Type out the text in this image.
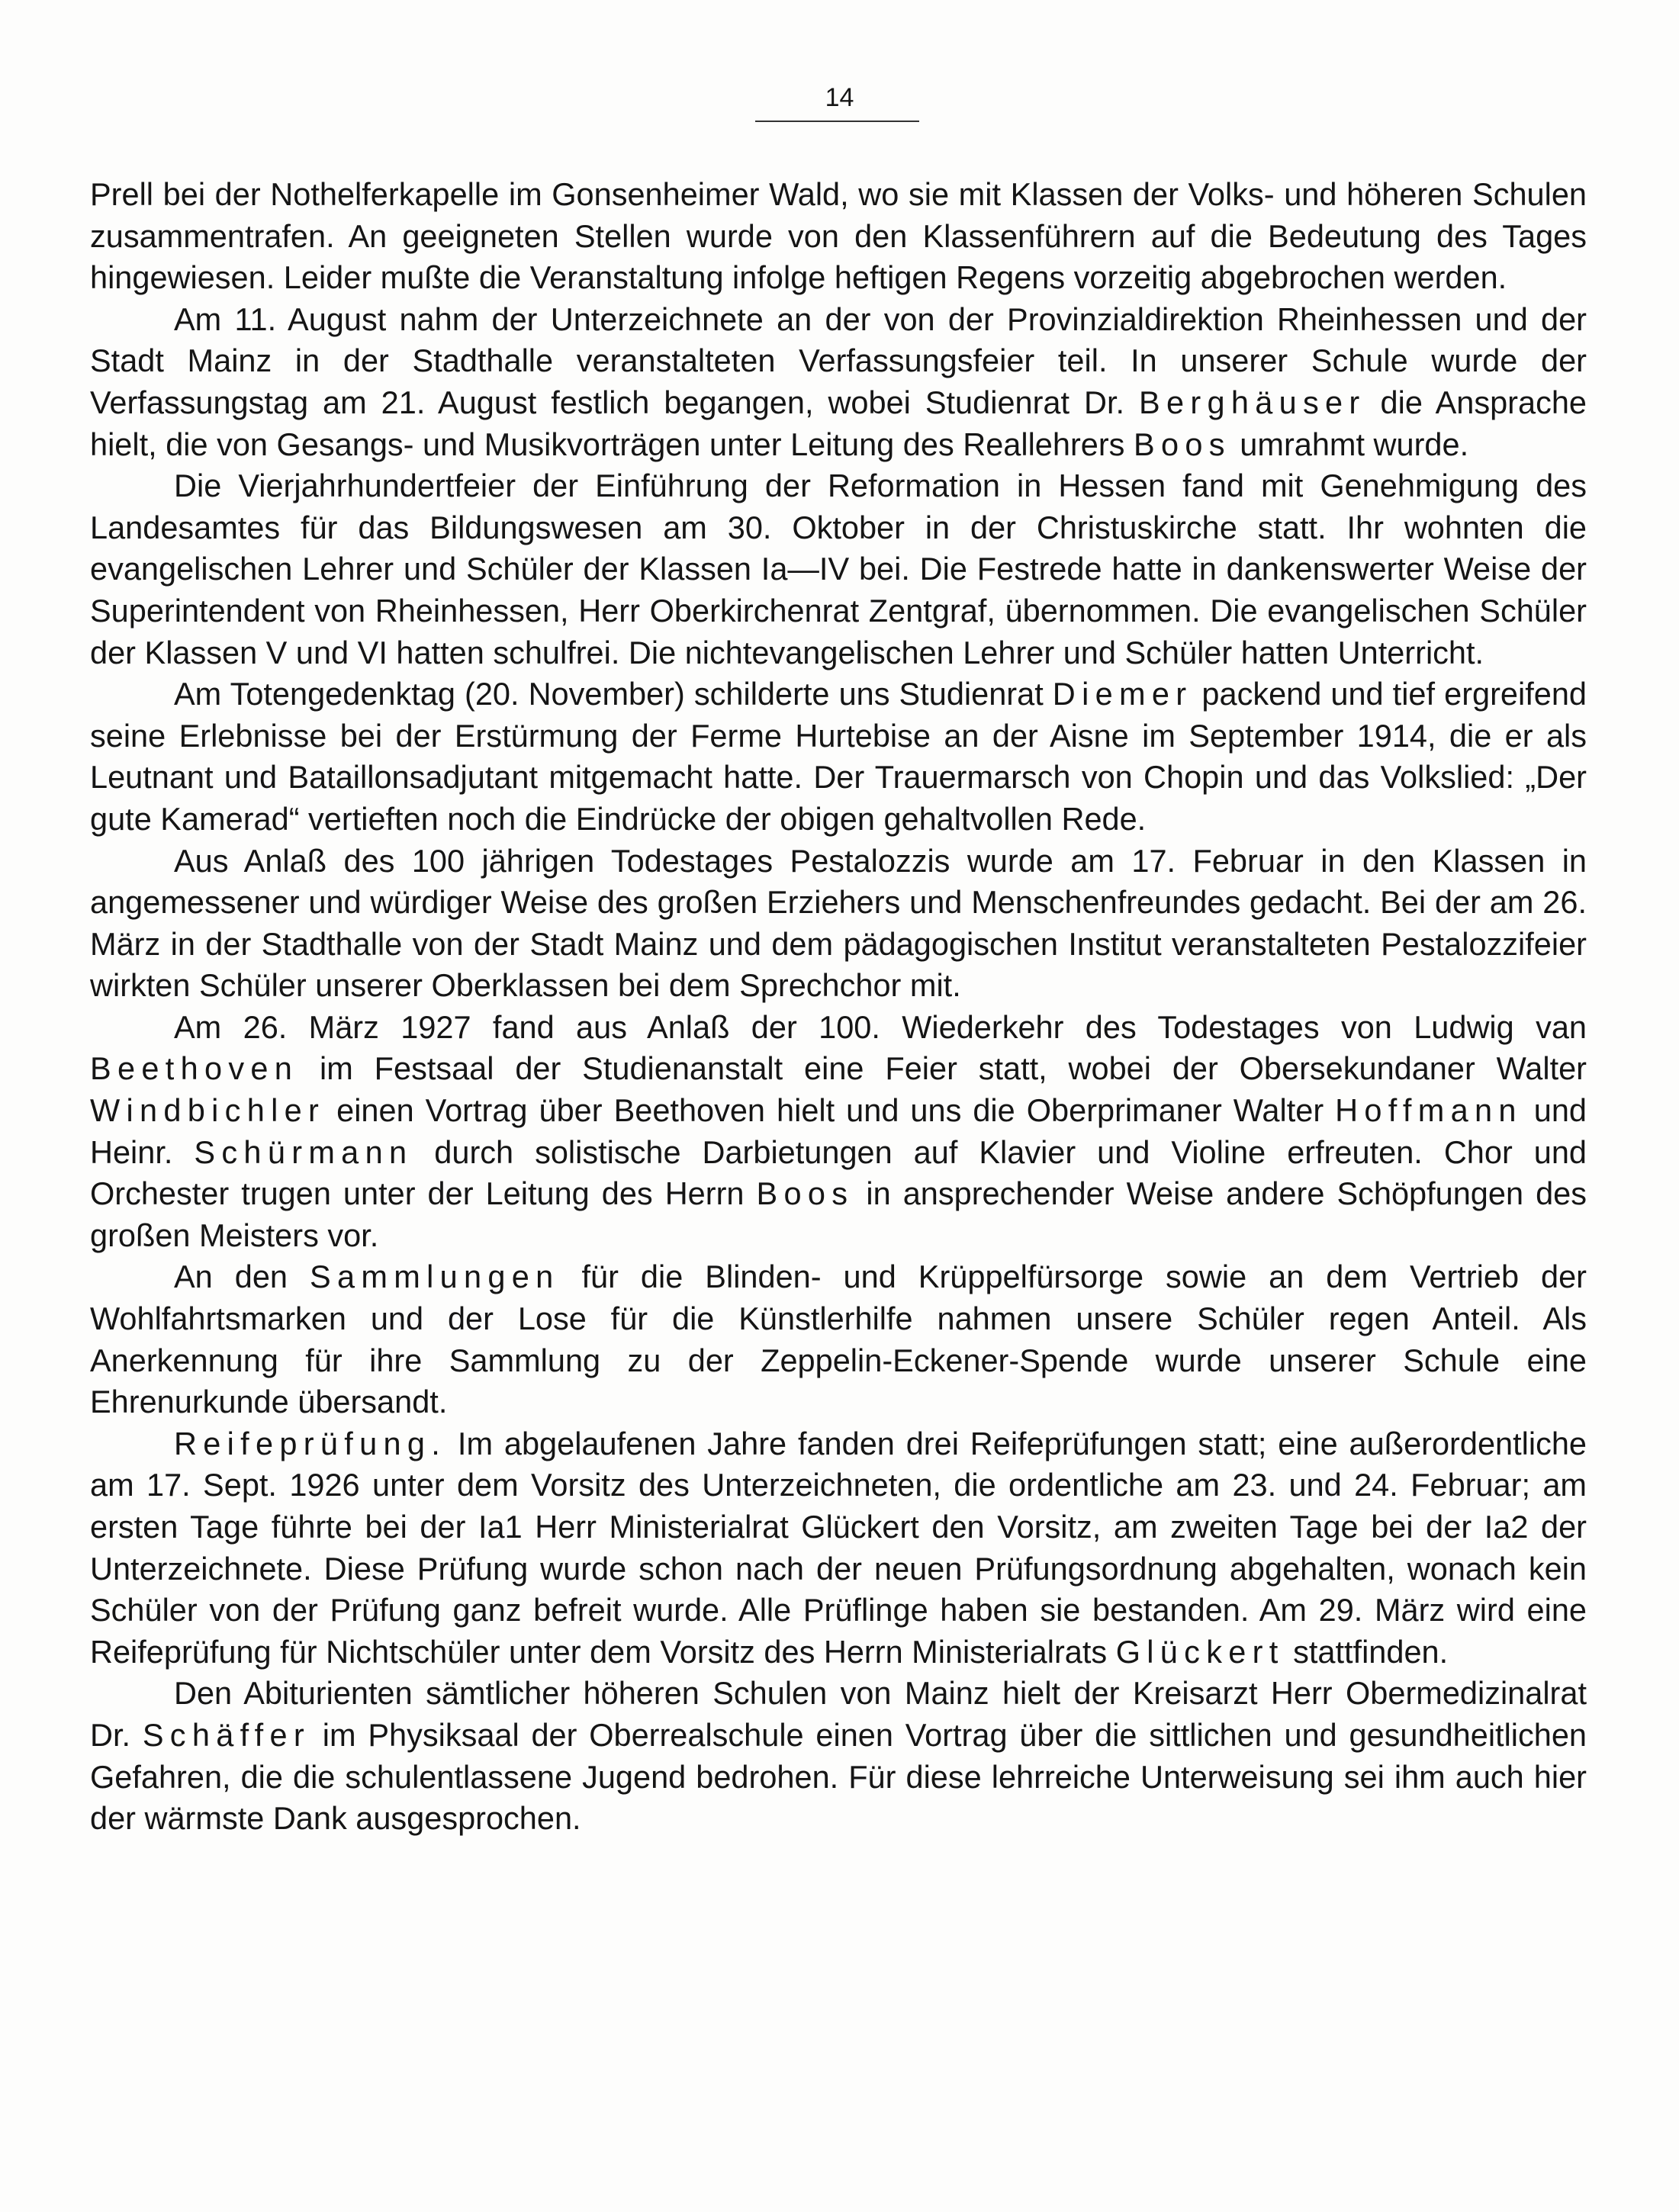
14

Prell bei der Nothelferkapelle im Gonsenheimer Wald, wo sie mit Klassen der Volks- und höheren Schulen zusammentrafen. An geeigneten Stellen wurde von den Klassenführern auf die Bedeutung des Tages hingewiesen. Leider mußte die Veranstaltung infolge heftigen Regens vorzeitig abgebrochen werden.

Am 11. August nahm der Unterzeichnete an der von der Provinzialdirektion Rheinhessen und der Stadt Mainz in der Stadthalle veranstalteten Verfassungsfeier teil. In unserer Schule wurde der Verfassungstag am 21. August festlich begangen, wobei Studienrat Dr. Berghäuser die Ansprache hielt, die von Gesangs- und Musikvorträgen unter Leitung des Reallehrers Boos umrahmt wurde.

Die Vierjahrhundertfeier der Einführung der Reformation in Hessen fand mit Genehmigung des Landesamtes für das Bildungswesen am 30. Oktober in der Christuskirche statt. Ihr wohnten die evangelischen Lehrer und Schüler der Klassen Ia—IV bei. Die Festrede hatte in dankenswerter Weise der Superintendent von Rheinhessen, Herr Oberkirchenrat Zentgraf, übernommen. Die evangelischen Schüler der Klassen V und VI hatten schulfrei. Die nichtevangelischen Lehrer und Schüler hatten Unterricht.

Am Totengedenktag (20. November) schilderte uns Studienrat Diemer packend und tief ergreifend seine Erlebnisse bei der Erstürmung der Ferme Hurtebise an der Aisne im September 1914, die er als Leutnant und Bataillonsadjutant mitgemacht hatte. Der Trauermarsch von Chopin und das Volkslied: „Der gute Kamerad“ vertieften noch die Eindrücke der obigen gehaltvollen Rede.

Aus Anlaß des 100 jährigen Todestages Pestalozzis wurde am 17. Februar in den Klassen in angemessener und würdiger Weise des großen Erziehers und Menschenfreundes gedacht. Bei der am 26. März in der Stadthalle von der Stadt Mainz und dem pädagogischen Institut veranstalteten Pestalozzifeier wirkten Schüler unserer Oberklassen bei dem Sprechchor mit.

Am 26. März 1927 fand aus Anlaß der 100. Wiederkehr des Todestages von Ludwig van Beethoven im Festsaal der Studienanstalt eine Feier statt, wobei der Obersekundaner Walter Windbichler einen Vortrag über Beethoven hielt und uns die Oberprimaner Walter Hoffmann und Heinr. Schürmann durch solistische Darbietungen auf Klavier und Violine erfreuten. Chor und Orchester trugen unter der Leitung des Herrn Boos in ansprechender Weise andere Schöpfungen des großen Meisters vor.

An den Sammlungen für die Blinden- und Krüppelfürsorge sowie an dem Vertrieb der Wohlfahrtsmarken und der Lose für die Künstlerhilfe nahmen unsere Schüler regen Anteil. Als Anerkennung für ihre Sammlung zu der Zeppelin-Eckener-Spende wurde unserer Schule eine Ehrenurkunde übersandt.

Reifeprüfung. Im abgelaufenen Jahre fanden drei Reifeprüfungen statt; eine außerordentliche am 17. Sept. 1926 unter dem Vorsitz des Unterzeichneten, die ordentliche am 23. und 24. Februar; am ersten Tage führte bei der Ia1 Herr Ministerialrat Glückert den Vorsitz, am zweiten Tage bei der Ia2 der Unterzeichnete. Diese Prüfung wurde schon nach der neuen Prüfungsordnung abgehalten, wonach kein Schüler von der Prüfung ganz befreit wurde. Alle Prüflinge haben sie bestanden. Am 29. März wird eine Reifeprüfung für Nichtschüler unter dem Vorsitz des Herrn Ministerialrats Glückert stattfinden.

Den Abiturienten sämtlicher höheren Schulen von Mainz hielt der Kreisarzt Herr Obermedizinalrat Dr. Schäffer im Physiksaal der Oberrealschule einen Vortrag über die sittlichen und gesundheitlichen Gefahren, die die schulentlassene Jugend bedrohen. Für diese lehrreiche Unterweisung sei ihm auch hier der wärmste Dank ausgesprochen.
